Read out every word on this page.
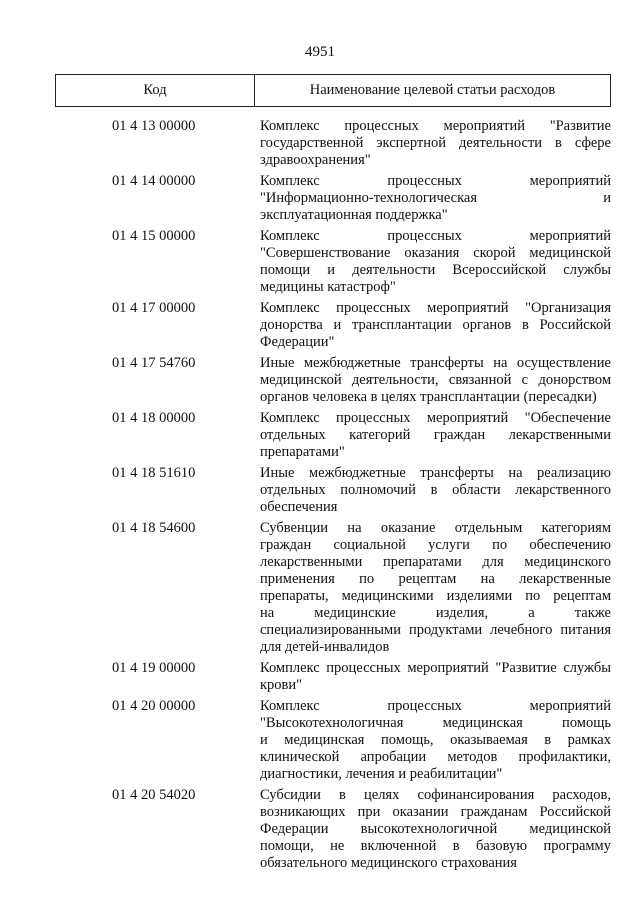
4951
Код	Наименование целевой статьи расходов
01 4 13 00000	Комплекс процессных мероприятий "Развитие
государственной экспертной деятельности в сфере
здравоохранения"
01 4 14 00000	Комплекс процессных мероприятий
"Информационно-технологическая и
эксплуатационная поддержка"
01 4 15 00000	Комплекс процессных мероприятий
"Совершенствование оказания скорой медицинской
помощи и деятельности Всероссийской службы
медицины катастроф"
01 4 17 00000	Комплекс процессных мероприятий "Организация
донорства и трансплантации органов в Российской
Федерации"
01 4 17 54760	Иные межбюджетные трансферты на осуществление
медицинской деятельности, связанной с донорством
органов человека в целях трансплантации (пересадки)
01 4 18 00000	Комплекс процессных мероприятий "Обеспечение
отдельных категорий граждан лекарственными
препаратами"
01 4 18 51610	Иные межбюджетные трансферты на реализацию
отдельных полномочий в области лекарственного
обеспечения
01 4 18 54600	Субвенции на оказание отдельным категориям
граждан социальной услуги по обеспечению
лекарственными препаратами для медицинского
применения по рецептам на лекарственные
препараты, медицинскими изделиями по рецептам
на медицинские изделия, а также
специализированными продуктами лечебного питания
для детей-инвалидов
01 4 19 00000	Комплекс процессных мероприятий "Развитие службы
крови"
01 4 20 00000	Комплекс процессных мероприятий
"Высокотехнологичная медицинская помощь
и медицинская помощь, оказываемая в рамках
клинической апробации методов профилактики,
диагностики, лечения и реабилитации"
01 4 20 54020	Субсидии в целях софинансирования расходов,
возникающих при оказании гражданам Российской
Федерации высокотехнологичной медицинской
помощи, не включенной в базовую программу
обязательного медицинского страхования
